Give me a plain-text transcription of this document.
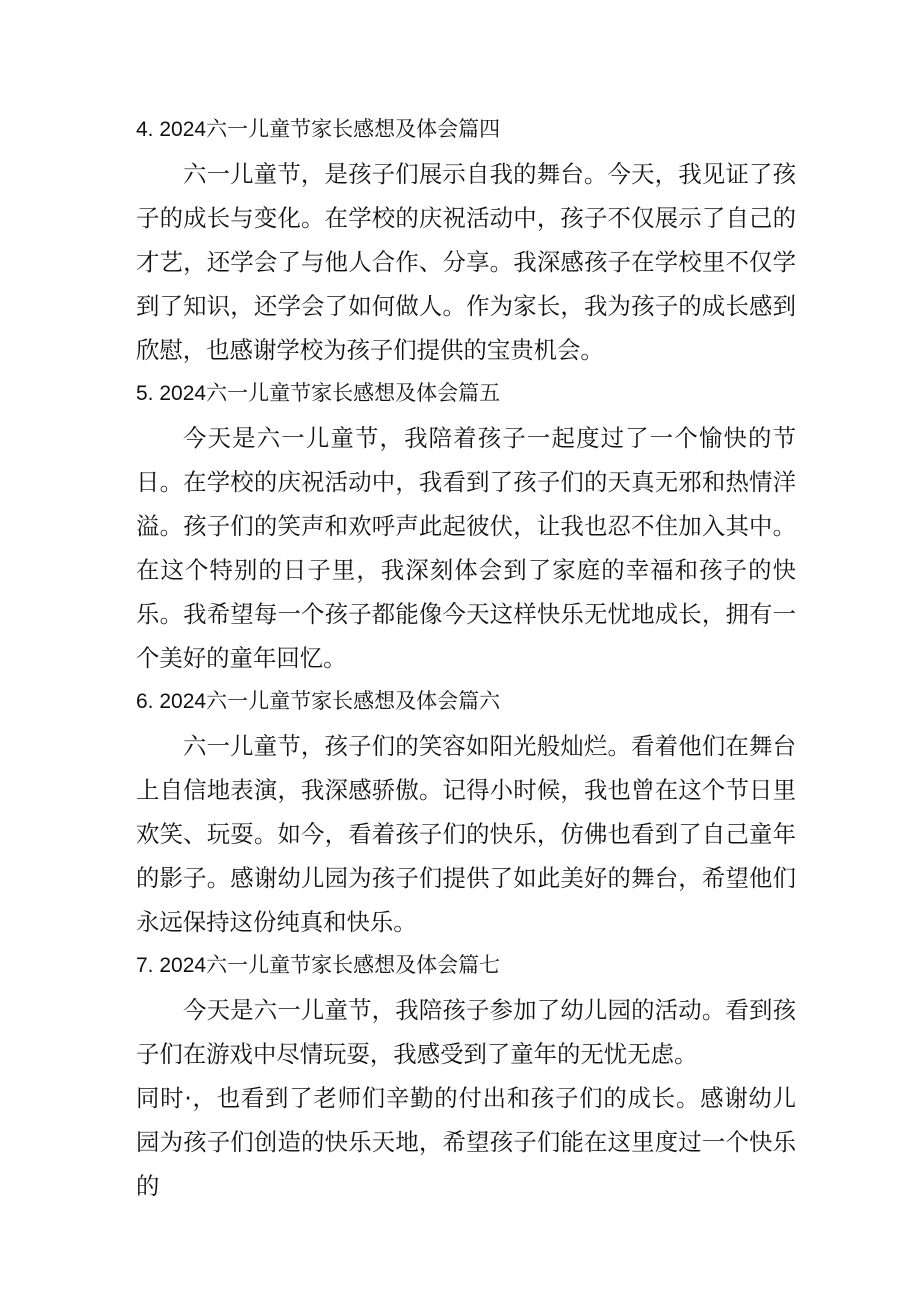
4. 2024六一儿童节家长感想及体会篇四

六一儿童节，是孩子们展示自我的舞台。今天，我见证了孩子的成长与变化。在学校的庆祝活动中，孩子不仅展示了自己的才艺，还学会了与他人合作、分享。我深感孩子在学校里不仅学到了知识，还学会了如何做人。作为家长，我为孩子的成长感到欣慰，也感谢学校为孩子们提供的宝贵机会。

5. 2024六一儿童节家长感想及体会篇五

今天是六一儿童节，我陪着孩子一起度过了一个愉快的节日。在学校的庆祝活动中，我看到了孩子们的天真无邪和热情洋溢。孩子们的笑声和欢呼声此起彼伏，让我也忍不住加入其中。在这个特别的日子里，我深刻体会到了家庭的幸福和孩子的快乐。我希望每一个孩子都能像今天这样快乐无忧地成长，拥有一个美好的童年回忆。

6. 2024六一儿童节家长感想及体会篇六

六一儿童节，孩子们的笑容如阳光般灿烂。看着他们在舞台上自信地表演，我深感骄傲。记得小时候，我也曾在这个节日里欢笑、玩耍。如今，看着孩子们的快乐，仿佛也看到了自己童年的影子。感谢幼儿园为孩子们提供了如此美好的舞台，希望他们永远保持这份纯真和快乐。

7. 2024六一儿童节家长感想及体会篇七

今天是六一儿童节，我陪孩子参加了幼儿园的活动。看到孩子们在游戏中尽情玩耍，我感受到了童年的无忧无虑。

同时·，也看到了老师们辛勤的付出和孩子们的成长。感谢幼儿园为孩子们创造的快乐天地，希望孩子们能在这里度过一个快乐的
